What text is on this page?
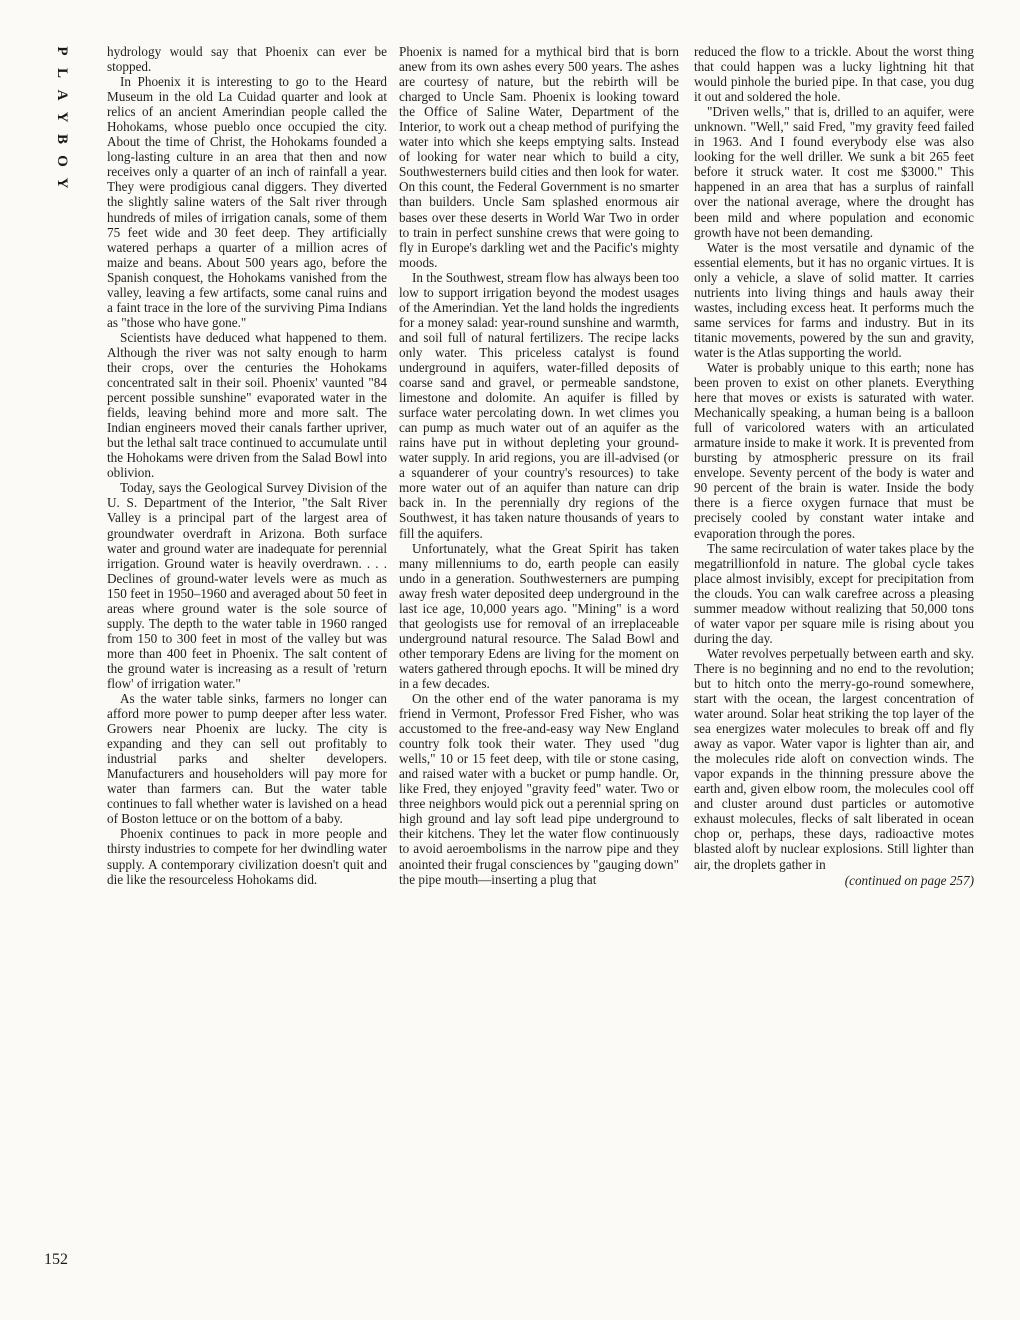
P
L
A
Y
B
O
Y
152

hydrology would say that Phoenix can ever be stopped.

In Phoenix it is interesting to go to the Heard Museum in the old La Cuidad quarter and look at relics of an ancient Amerindian people called the Hohokams, whose pueblo once occupied the city. About the time of Christ, the Hohokams founded a long-lasting culture in an area that then and now receives only a quarter of an inch of rainfall a year. They were prodigious canal diggers. They diverted the slightly saline waters of the Salt river through hundreds of miles of irrigation canals, some of them 75 feet wide and 30 feet deep. They artificially watered perhaps a quarter of a million acres of maize and beans. About 500 years ago, before the Spanish conquest, the Hohokams vanished from the valley, leaving a few artifacts, some canal ruins and a faint trace in the lore of the surviving Pima Indians as "those who have gone."

Scientists have deduced what happened to them. Although the river was not salty enough to harm their crops, over the centuries the Hohokams concentrated salt in their soil. Phoenix' vaunted "84 percent possible sunshine" evaporated water in the fields, leaving behind more and more salt. The Indian engineers moved their canals farther upriver, but the lethal salt trace continued to accumulate until the Hohokams were driven from the Salad Bowl into oblivion.

Today, says the Geological Survey Division of the U. S. Department of the Interior, "the Salt River Valley is a principal part of the largest area of groundwater overdraft in Arizona. Both surface water and ground water are inadequate for perennial irrigation. Ground water is heavily overdrawn. . . . Declines of ground-water levels were as much as 150 feet in 1950–1960 and averaged about 50 feet in areas where ground water is the sole source of supply. The depth to the water table in 1960 ranged from 150 to 300 feet in most of the valley but was more than 400 feet in Phoenix. The salt content of the ground water is increasing as a result of 'return flow' of irrigation water."

As the water table sinks, farmers no longer can afford more power to pump deeper after less water. Growers near Phoenix are lucky. The city is expanding and they can sell out profitably to industrial parks and shelter developers. Manufacturers and householders will pay more for water than farmers can. But the water table continues to fall whether water is lavished on a head of Boston lettuce or on the bottom of a baby.

Phoenix continues to pack in more people and thirsty industries to compete for her dwindling water supply. A contemporary civilization doesn't quit and die like the resourceless Hohokams did.

Phoenix is named for a mythical bird that is born anew from its own ashes every 500 years. The ashes are courtesy of nature, but the rebirth will be charged to Uncle Sam. Phoenix is looking toward the Office of Saline Water, Department of the Interior, to work out a cheap method of purifying the water into which she keeps emptying salts. Instead of looking for water near which to build a city, Southwesterners build cities and then look for water. On this count, the Federal Government is no smarter than builders. Uncle Sam splashed enormous air bases over these deserts in World War Two in order to train in perfect sunshine crews that were going to fly in Europe's darkling wet and the Pacific's mighty moods.

In the Southwest, stream flow has always been too low to support irrigation beyond the modest usages of the Amerindian. Yet the land holds the ingredients for a money salad: year-round sunshine and warmth, and soil full of natural fertilizers. The recipe lacks only water. This priceless catalyst is found underground in aquifers, water-filled deposits of coarse sand and gravel, or permeable sandstone, limestone and dolomite. An aquifer is filled by surface water percolating down. In wet climes you can pump as much water out of an aquifer as the rains have put in without depleting your ground-water supply. In arid regions, you are ill-advised (or a squanderer of your country's resources) to take more water out of an aquifer than nature can drip back in. In the perennially dry regions of the Southwest, it has taken nature thousands of years to fill the aquifers.

Unfortunately, what the Great Spirit has taken many millenniums to do, earth people can easily undo in a generation. Southwesterners are pumping away fresh water deposited deep underground in the last ice age, 10,000 years ago. "Mining" is a word that geologists use for removal of an irreplaceable underground natural resource. The Salad Bowl and other temporary Edens are living for the moment on waters gathered through epochs. It will be mined dry in a few decades.

On the other end of the water panorama is my friend in Vermont, Professor Fred Fisher, who was accustomed to the free-and-easy way New England country folk took their water. They used "dug wells," 10 or 15 feet deep, with tile or stone casing, and raised water with a bucket or pump handle. Or, like Fred, they enjoyed "gravity feed" water. Two or three neighbors would pick out a perennial spring on high ground and lay soft lead pipe underground to their kitchens. They let the water flow continuously to avoid aeroembolisms in the narrow pipe and they anointed their frugal consciences by "gauging down" the pipe mouth—inserting a plug that

reduced the flow to a trickle. About the worst thing that could happen was a lucky lightning hit that would pinhole the buried pipe. In that case, you dug it out and soldered the hole.

"Driven wells," that is, drilled to an aquifer, were unknown. "Well," said Fred, "my gravity feed failed in 1963. And I found everybody else was also looking for the well driller. We sunk a bit 265 feet before it struck water. It cost me $3000." This happened in an area that has a surplus of rainfall over the national average, where the drought has been mild and where population and economic growth have not been demanding.

Water is the most versatile and dynamic of the essential elements, but it has no organic virtues. It is only a vehicle, a slave of solid matter. It carries nutrients into living things and hauls away their wastes, including excess heat. It performs much the same services for farms and industry. But in its titanic movements, powered by the sun and gravity, water is the Atlas supporting the world.

Water is probably unique to this earth; none has been proven to exist on other planets. Everything here that moves or exists is saturated with water. Mechanically speaking, a human being is a balloon full of varicolored waters with an articulated armature inside to make it work. It is prevented from bursting by atmospheric pressure on its frail envelope. Seventy percent of the body is water and 90 percent of the brain is water. Inside the body there is a fierce oxygen furnace that must be precisely cooled by constant water intake and evaporation through the pores.

The same recirculation of water takes place by the megatrillionfold in nature. The global cycle takes place almost invisibly, except for precipitation from the clouds. You can walk carefree across a pleasing summer meadow without realizing that 50,000 tons of water vapor per square mile is rising about you during the day.

Water revolves perpetually between earth and sky. There is no beginning and no end to the revolution; but to hitch onto the merry-go-round somewhere, start with the ocean, the largest concentration of water around. Solar heat striking the top layer of the sea energizes water molecules to break off and fly away as vapor. Water vapor is lighter than air, and the molecules ride aloft on convection winds. The vapor expands in the thinning pressure above the earth and, given elbow room, the molecules cool off and cluster around dust particles or automotive exhaust molecules, flecks of salt liberated in ocean chop or, perhaps, these days, radioactive motes blasted aloft by nuclear explosions. Still lighter than air, the droplets gather in

(continued on page 257)
